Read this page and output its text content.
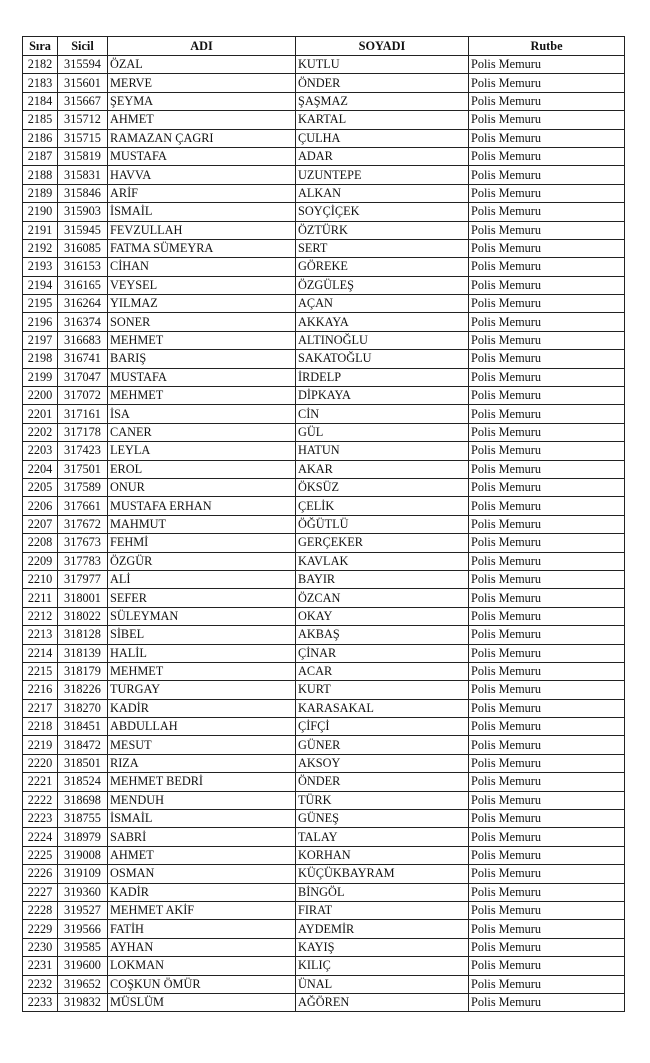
Sıra	Sicil	ADI	SOYADI	Rutbe
2182	315594	ÖZAL	KUTLU	Polis Memuru
2183	315601	MERVE	ÖNDER	Polis Memuru
2184	315667	ŞEYMA	ŞAŞMAZ	Polis Memuru
2185	315712	AHMET	KARTAL	Polis Memuru
2186	315715	RAMAZAN ÇAGRI	ÇULHA	Polis Memuru
2187	315819	MUSTAFA	ADAR	Polis Memuru
2188	315831	HAVVA	UZUNTEPE	Polis Memuru
2189	315846	ARİF	ALKAN	Polis Memuru
2190	315903	İSMAİL	SOYÇİÇEK	Polis Memuru
2191	315945	FEVZULLAH	ÖZTÜRK	Polis Memuru
2192	316085	FATMA SÜMEYRA	SERT	Polis Memuru
2193	316153	CİHAN	GÖREKE	Polis Memuru
2194	316165	VEYSEL	ÖZGÜLEŞ	Polis Memuru
2195	316264	YILMAZ	AÇAN	Polis Memuru
2196	316374	SONER	AKKAYA	Polis Memuru
2197	316683	MEHMET	ALTINOĞLU	Polis Memuru
2198	316741	BARIŞ	SAKATOĞLU	Polis Memuru
2199	317047	MUSTAFA	İRDELP	Polis Memuru
2200	317072	MEHMET	DİPKAYA	Polis Memuru
2201	317161	İSA	CİN	Polis Memuru
2202	317178	CANER	GÜL	Polis Memuru
2203	317423	LEYLA	HATUN	Polis Memuru
2204	317501	EROL	AKAR	Polis Memuru
2205	317589	ONUR	ÖKSÜZ	Polis Memuru
2206	317661	MUSTAFA ERHAN	ÇELİK	Polis Memuru
2207	317672	MAHMUT	ÖĞÜTLÜ	Polis Memuru
2208	317673	FEHMİ	GERÇEKER	Polis Memuru
2209	317783	ÖZGÜR	KAVLAK	Polis Memuru
2210	317977	ALİ	BAYIR	Polis Memuru
2211	318001	SEFER	ÖZCAN	Polis Memuru
2212	318022	SÜLEYMAN	OKAY	Polis Memuru
2213	318128	SİBEL	AKBAŞ	Polis Memuru
2214	318139	HALİL	ÇİNAR	Polis Memuru
2215	318179	MEHMET	ACAR	Polis Memuru
2216	318226	TURGAY	KURT	Polis Memuru
2217	318270	KADİR	KARASAKAL	Polis Memuru
2218	318451	ABDULLAH	ÇİFÇİ	Polis Memuru
2219	318472	MESUT	GÜNER	Polis Memuru
2220	318501	RIZA	AKSOY	Polis Memuru
2221	318524	MEHMET BEDRİ	ÖNDER	Polis Memuru
2222	318698	MENDUH	TÜRK	Polis Memuru
2223	318755	İSMAİL	GÜNEŞ	Polis Memuru
2224	318979	SABRİ	TALAY	Polis Memuru
2225	319008	AHMET	KORHAN	Polis Memuru
2226	319109	OSMAN	KÜÇÜKBAYRAM	Polis Memuru
2227	319360	KADİR	BİNGÖL	Polis Memuru
2228	319527	MEHMET AKİF	FIRAT	Polis Memuru
2229	319566	FATİH	AYDEMİR	Polis Memuru
2230	319585	AYHAN	KAYIŞ	Polis Memuru
2231	319600	LOKMAN	KILIÇ	Polis Memuru
2232	319652	COŞKUN ÖMÜR	ÜNAL	Polis Memuru
2233	319832	MÜSLÜM	AĞÖREN	Polis Memuru
